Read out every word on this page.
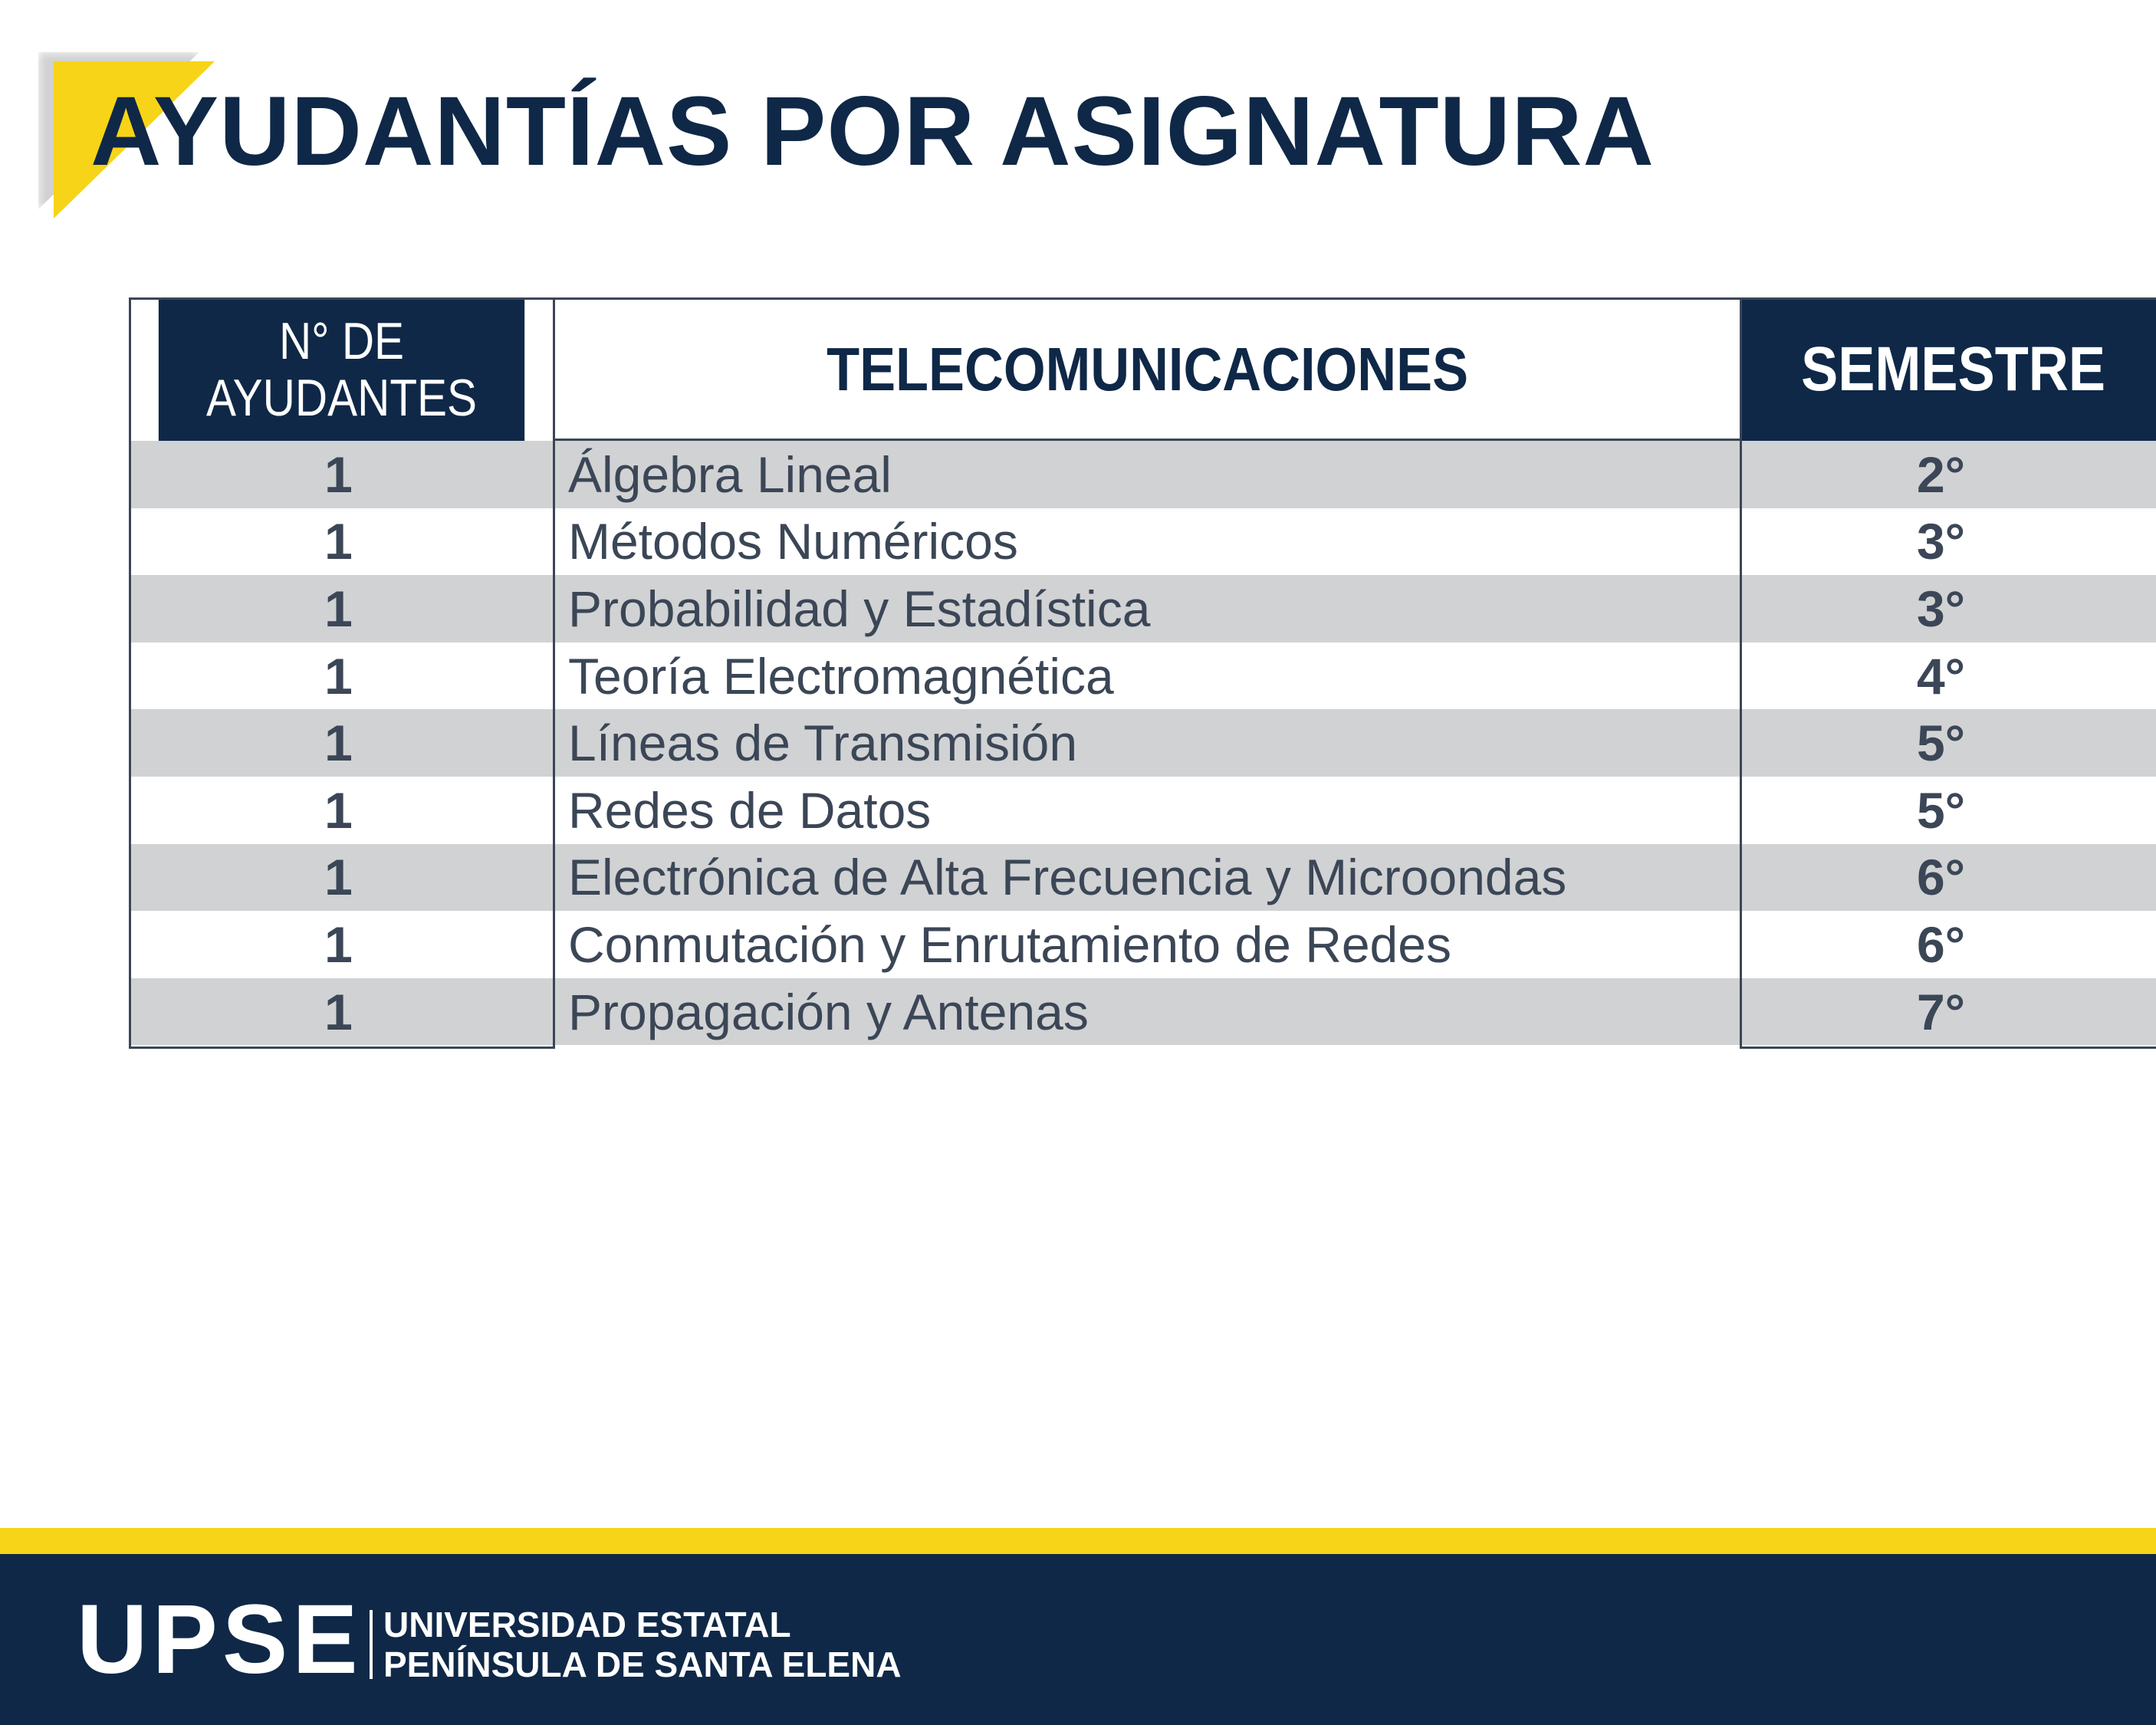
AYUDANTÍAS POR ASIGNATURA
N° DE
AYUDANTES	TELECOMUNICACIONES	SEMESTRE
1	Álgebra Lineal	2°
1	Métodos Numéricos	3°
1	Probabilidad y Estadística	3°
1	Teoría Electromagnética	4°
1	Líneas de Transmisión	5°
1	Redes de Datos	5°
1	Electrónica de Alta Frecuencia y Microondas	6°
1	Conmutación y Enrutamiento de Redes	6°
1	Propagación y Antenas	7°
UPSE UNIVERSIDAD ESTATAL
PENÍNSULA DE SANTA ELENA
